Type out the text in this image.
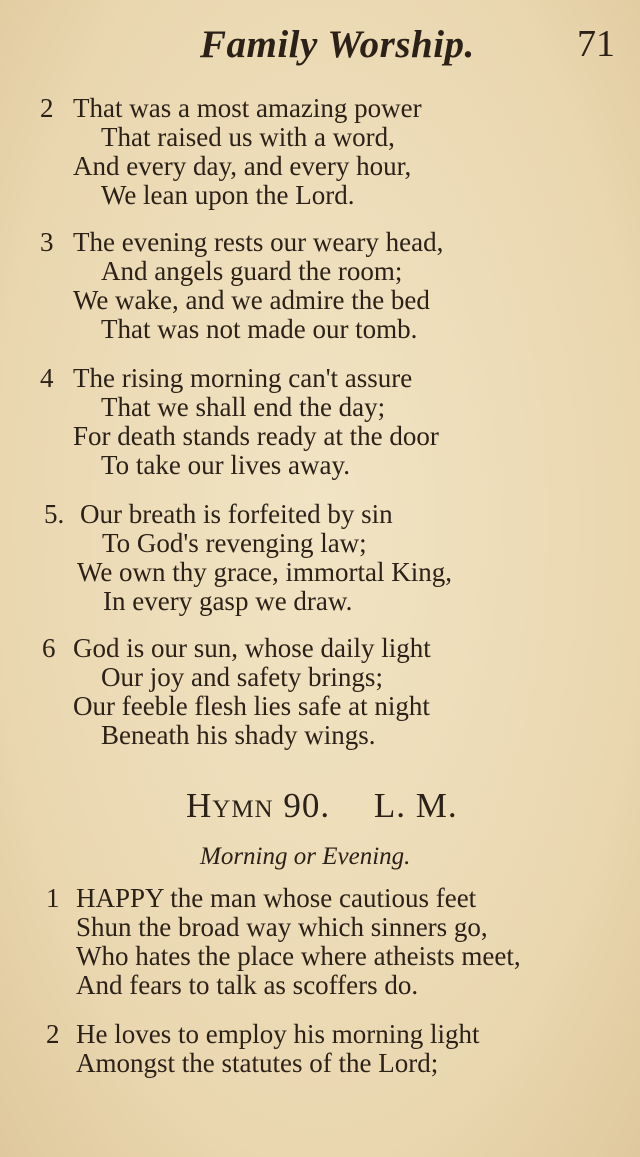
Family Worship.	71
2 That was a most amazing power
That raised us with a word,
And every day, and every hour,
We lean upon the Lord.
3 The evening rests our weary head,
And angels guard the room;
We wake, and we admire the bed
That was not made our tomb.
4 The rising morning can't assure
That we shall end the day;
For death stands ready at the door
To take our lives away.
5. Our breath is forfeited by sin
To God's revenging law;
We own thy grace, immortal King,
In every gasp we draw.
6 God is our sun, whose daily light
Our joy and safety brings;
Our feeble flesh lies safe at night
Beneath his shady wings.
Hymn 90. L. M.
Morning or Evening.
1 HAPPY the man whose cautious feet
Shun the broad way which sinners go,
Who hates the place where atheists meet,
And fears to talk as scoffers do.
2 He loves to employ his morning light
Amongst the statutes of the Lord;
